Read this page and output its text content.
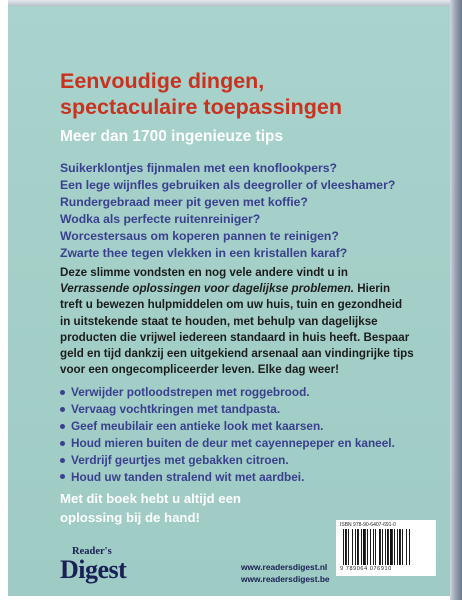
Eenvoudige dingen,
spectaculaire toepassingen
Meer dan 1700 ingenieuze tips
Suikerklontjes fijnmalen met een knoflookpers?
Een lege wijnfles gebruiken als deegroller of vleeshamer?
Rundergebraad meer pit geven met koffie?
Wodka als perfecte ruitenreiniger?
Worcestersaus om koperen pannen te reinigen?
Zwarte thee tegen vlekken in een kristallen karaf?

Deze slimme vondsten en nog vele andere vindt u in Verrassende oplossingen voor dagelijkse problemen. Hierin treft u bewezen hulpmiddelen om uw huis, tuin en gezondheid in uitstekende staat te houden, met behulp van dagelijkse producten die vrijwel iedereen standaard in huis heeft. Bespaar geld en tijd dankzij een uitgekiend arsenaal aan vindingrijke tips voor een ongecompliceerder leven. Elke dag weer!

Verwijder potloodstrepen met roggebrood.
Vervaag vochtkringen met tandpasta.
Geef meubilair een antieke look met kaarsen.
Houd mieren buiten de deur met cayennepeper en kaneel.
Verdrijf geurtjes met gebakken citroen.
Houd uw tanden stralend wit met aardbei.

Met dit boek hebt u altijd een
oplossing bij de hand!

Reader's
Digest	www.readersdigest.nl
www.readersdigest.be
ISBN 978-90-6407-691-0
9 789064 076910
